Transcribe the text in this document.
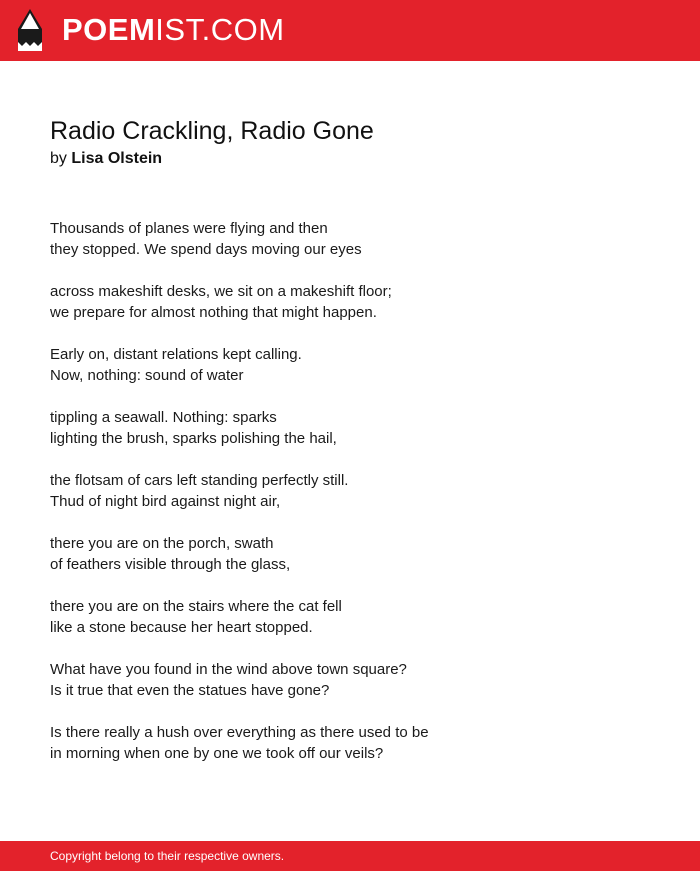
POEMIST.COM
Radio Crackling, Radio Gone
by Lisa Olstein
Thousands of planes were flying and then
they stopped. We spend days moving our eyes
across makeshift desks, we sit on a makeshift floor;
we prepare for almost nothing that might happen.
Early on, distant relations kept calling.
Now, nothing: sound of water
tippling a seawall. Nothing: sparks
lighting the brush, sparks polishing the hail,
the flotsam of cars left standing perfectly still.
Thud of night bird against night air,
there you are on the porch, swath
of feathers visible through the glass,
there you are on the stairs where the cat fell
like a stone because her heart stopped.
What have you found in the wind above town square?
Is it true that even the statues have gone?
Is there really a hush over everything as there used to be
in morning when one by one we took off our veils?
Copyright belong to their respective owners.
